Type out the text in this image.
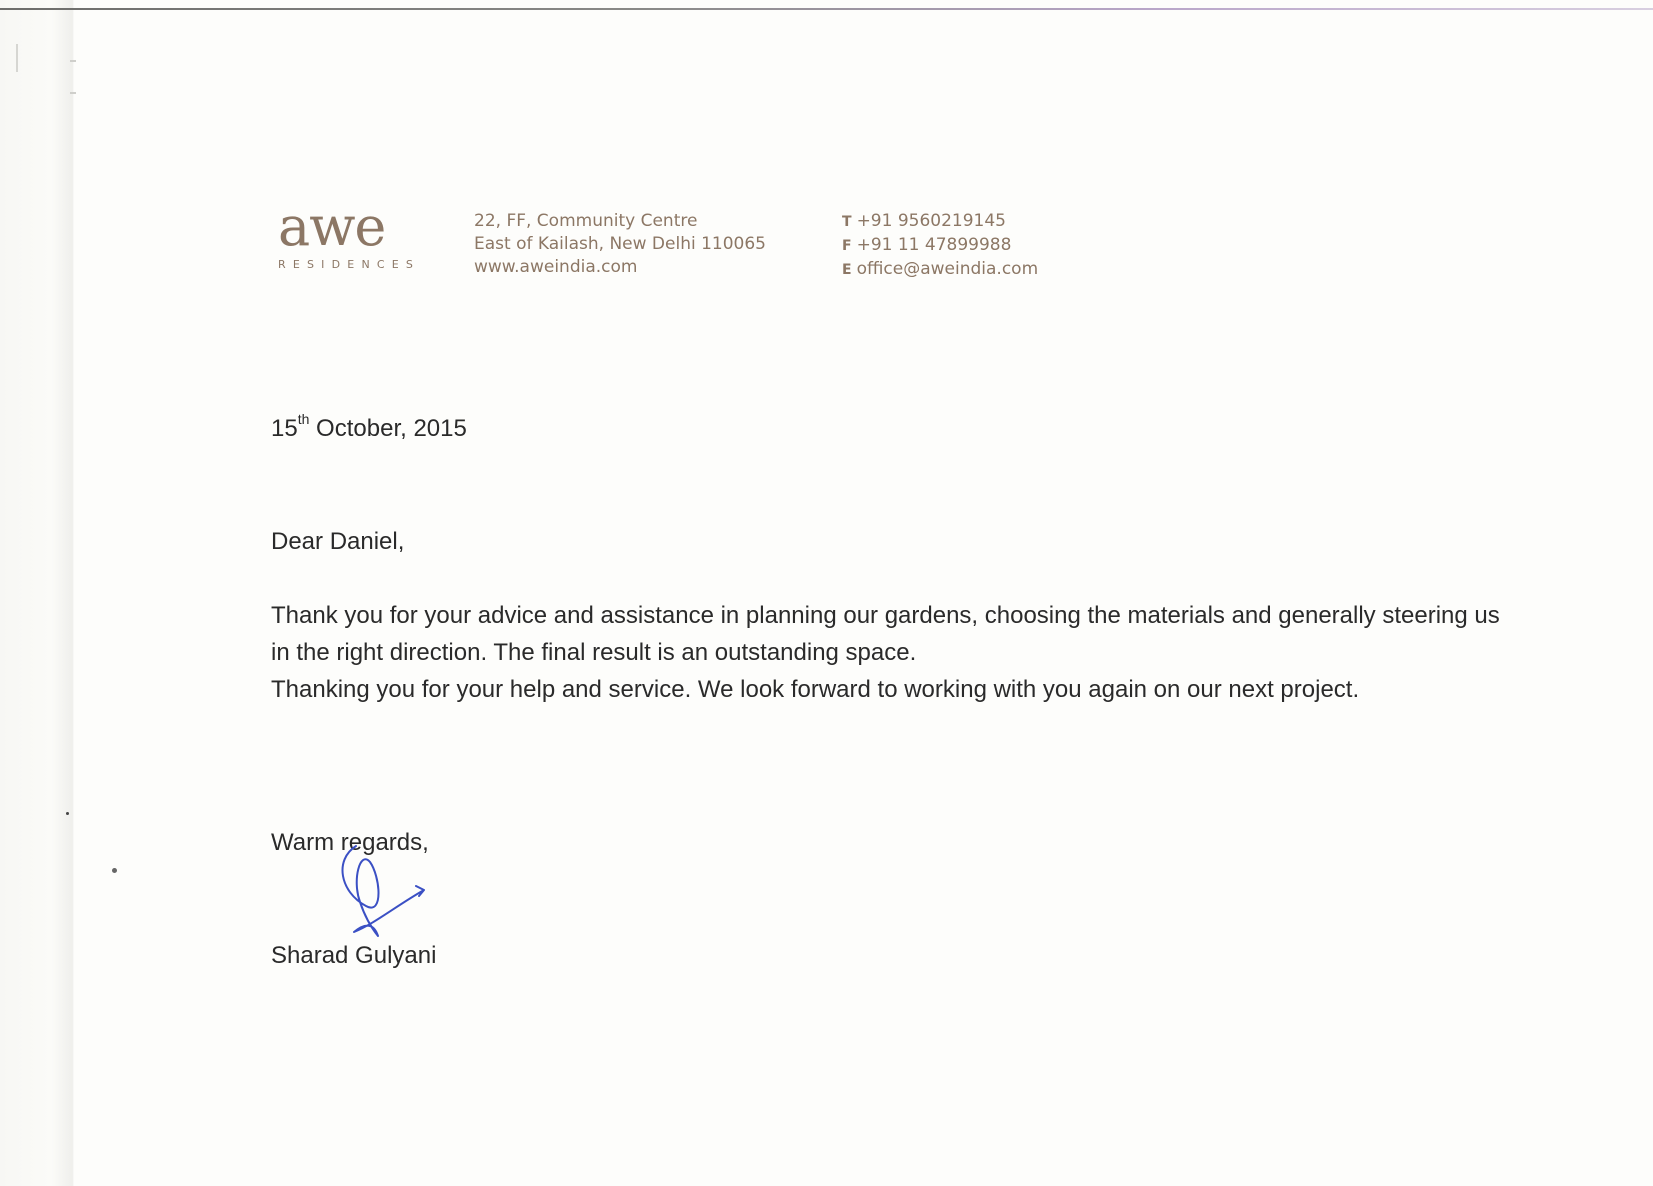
awe
RESIDENCES
22, FF, Community Centre
East of Kailash, New Delhi 110065
www.aweindia.com
T +91 9560219145
F +91 11 47899988
E office@aweindia.com
15th October, 2015
Dear Daniel,

Thank you for your advice and assistance in planning our gardens, choosing the materials and generally steering us in the right direction. The final result is an outstanding space.

Thanking you for your help and service. We look forward to working with you again on our next project.

Warm regards,
Sharad Gulyani
